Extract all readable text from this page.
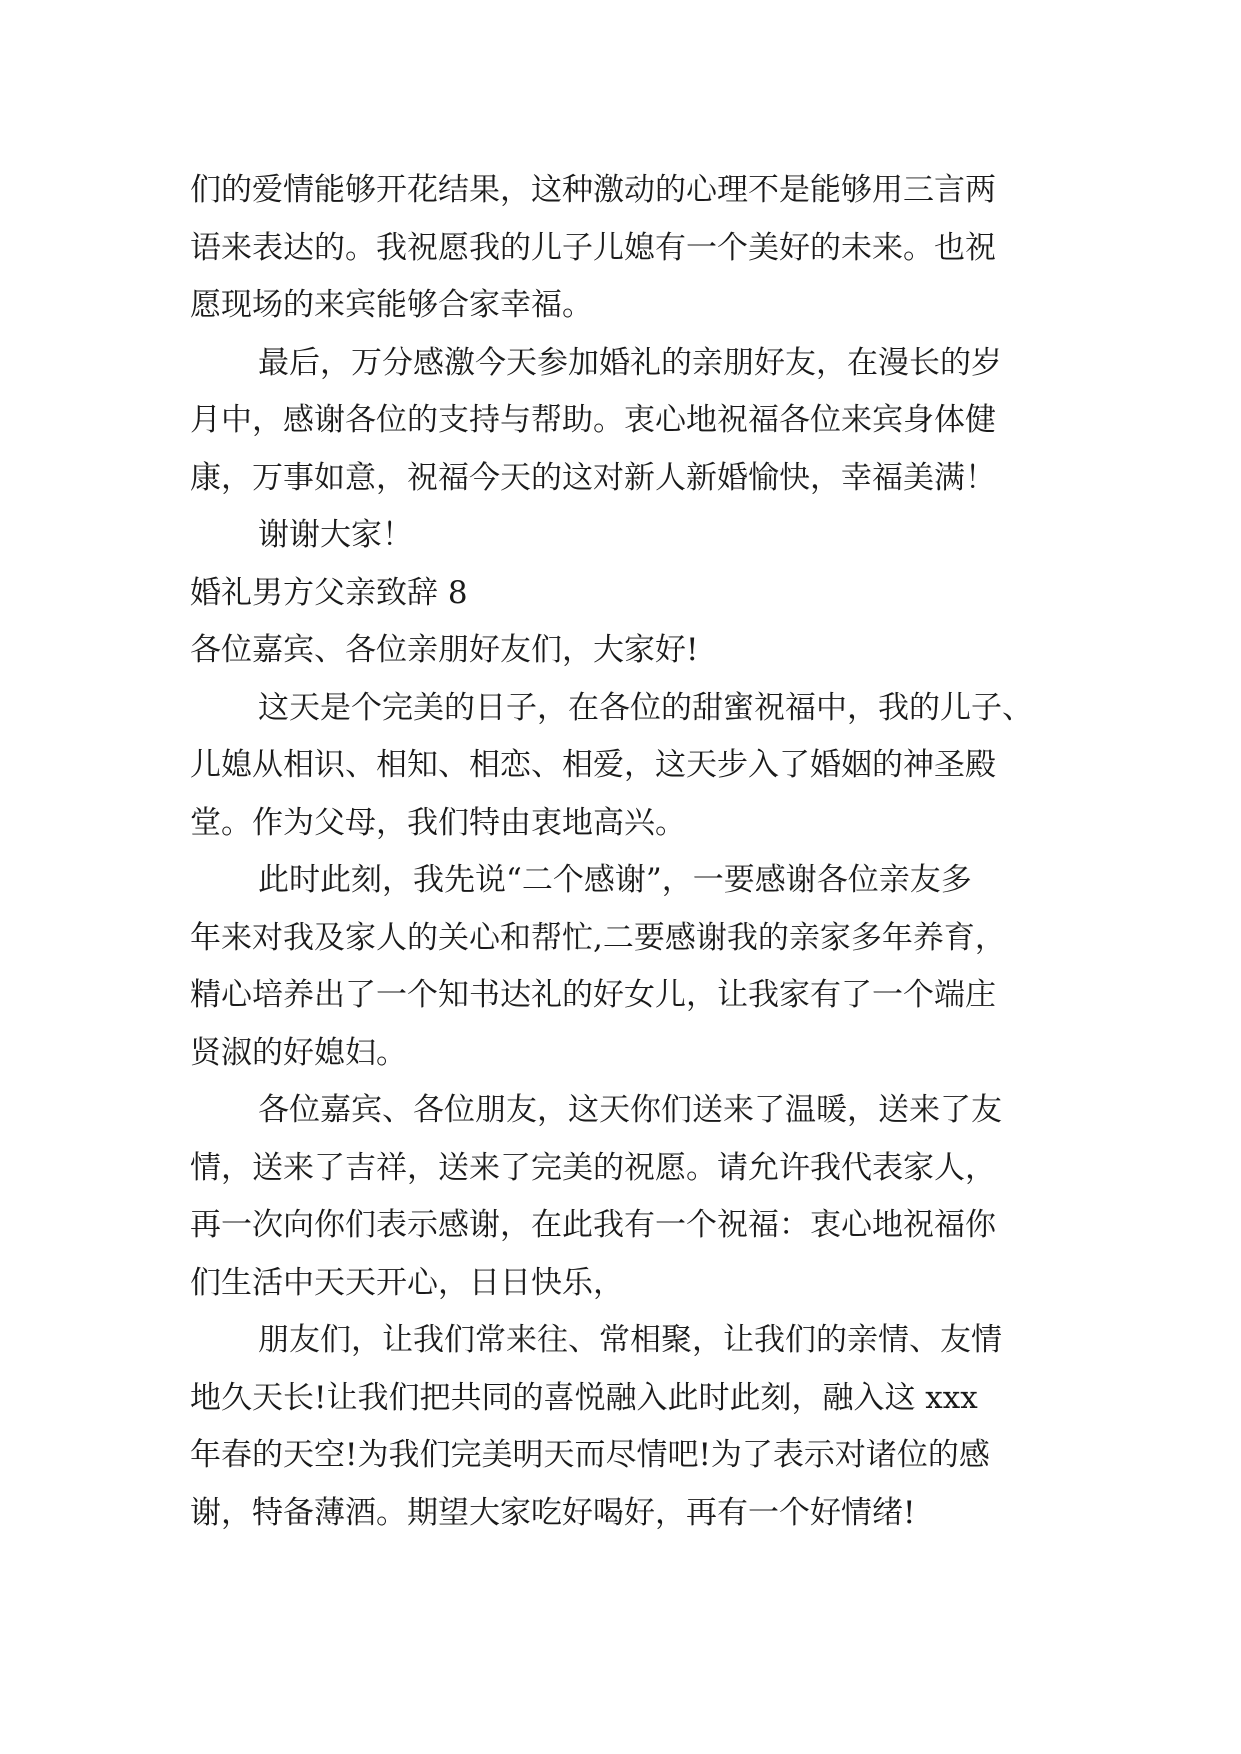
们的爱情能够开花结果，这种激动的心理不是能够用三言两
语来表达的。我祝愿我的儿子儿媳有一个美好的未来。也祝
愿现场的来宾能够合家幸福。

最后，万分感激今天参加婚礼的亲朋好友，在漫长的岁
月中，感谢各位的支持与帮助。衷心地祝福各位来宾身体健
康，万事如意，祝福今天的这对新人新婚愉快，幸福美满！

谢谢大家！

婚礼男方父亲致辞 8

各位嘉宾、各位亲朋好友们，大家好!

这天是个完美的日子，在各位的甜蜜祝福中，我的儿子、
儿媳从相识、相知、相恋、相爱，这天步入了婚姻的神圣殿
堂。作为父母，我们特由衷地高兴。

此时此刻，我先说“二个感谢”，一要感谢各位亲友多
年来对我及家人的关心和帮忙,二要感谢我的亲家多年养育，
精心培养出了一个知书达礼的好女儿，让我家有了一个端庄
贤淑的好媳妇。

各位嘉宾、各位朋友，这天你们送来了温暖，送来了友
情，送来了吉祥，送来了完美的祝愿。请允许我代表家人，
再一次向你们表示感谢，在此我有一个祝福：衷心地祝福你
们生活中天天开心，日日快乐，

朋友们，让我们常来往、常相聚，让我们的亲情、友情
地久天长!让我们把共同的喜悦融入此时此刻，融入这 xxx
年春的天空!为我们完美明天而尽情吧!为了表示对诸位的感
谢，特备薄酒。期望大家吃好喝好，再有一个好情绪!
